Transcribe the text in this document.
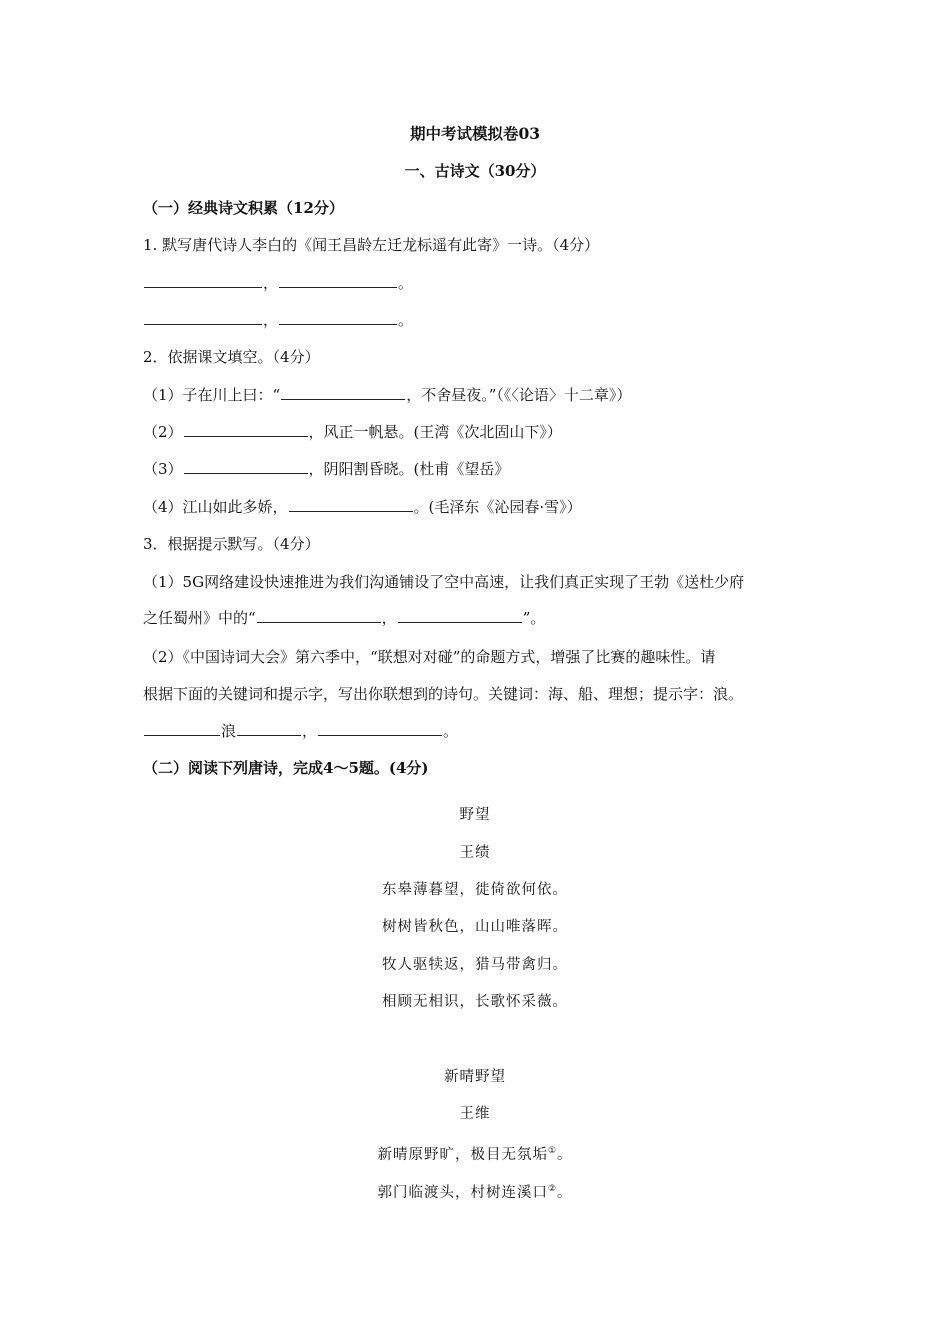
期中考试模拟卷03
一、古诗文（30分）
（一）经典诗文积累（12分）
1. 默写唐代诗人李白的《闻王昌龄左迁龙标遥有此寄》一诗。（4分）
，	。
，	。
2．依据课文填空。（4分）
（1）子在川上曰：“	，不舍昼夜。”（《〈论语〉十二章》）
（2）	，风正一帆悬。(王湾《次北固山下》）
（3）	，阴阳割昏晓。(杜甫《望岳》
（4）江山如此多娇，	。(毛泽东《沁园春·雪》）
3．根据提示默写。（4分）
（1）5G网络建设快速推进为我们沟通铺设了空中高速，让我们真正实现了王勃《送杜少府
之任蜀州》中的“	，	”。
（2）《中国诗词大会》第六季中，“联想对对碰”的命题方式，增强了比赛的趣味性。请
根据下面的关键词和提示字，写出你联想到的诗句。关键词：海、船、理想；提示字：浪。
浪	，	。
（二）阅读下列唐诗，完成4～5题。(4分)
野望
王绩
东皋薄暮望，徙倚欲何依。
树树皆秋色，山山唯落晖。
牧人驱犊返，猎马带禽归。
相顾无相识，长歌怀采薇。
新晴野望
王维
新晴原野旷，极目无氛垢①。
郭门临渡头，村树连溪口②。
